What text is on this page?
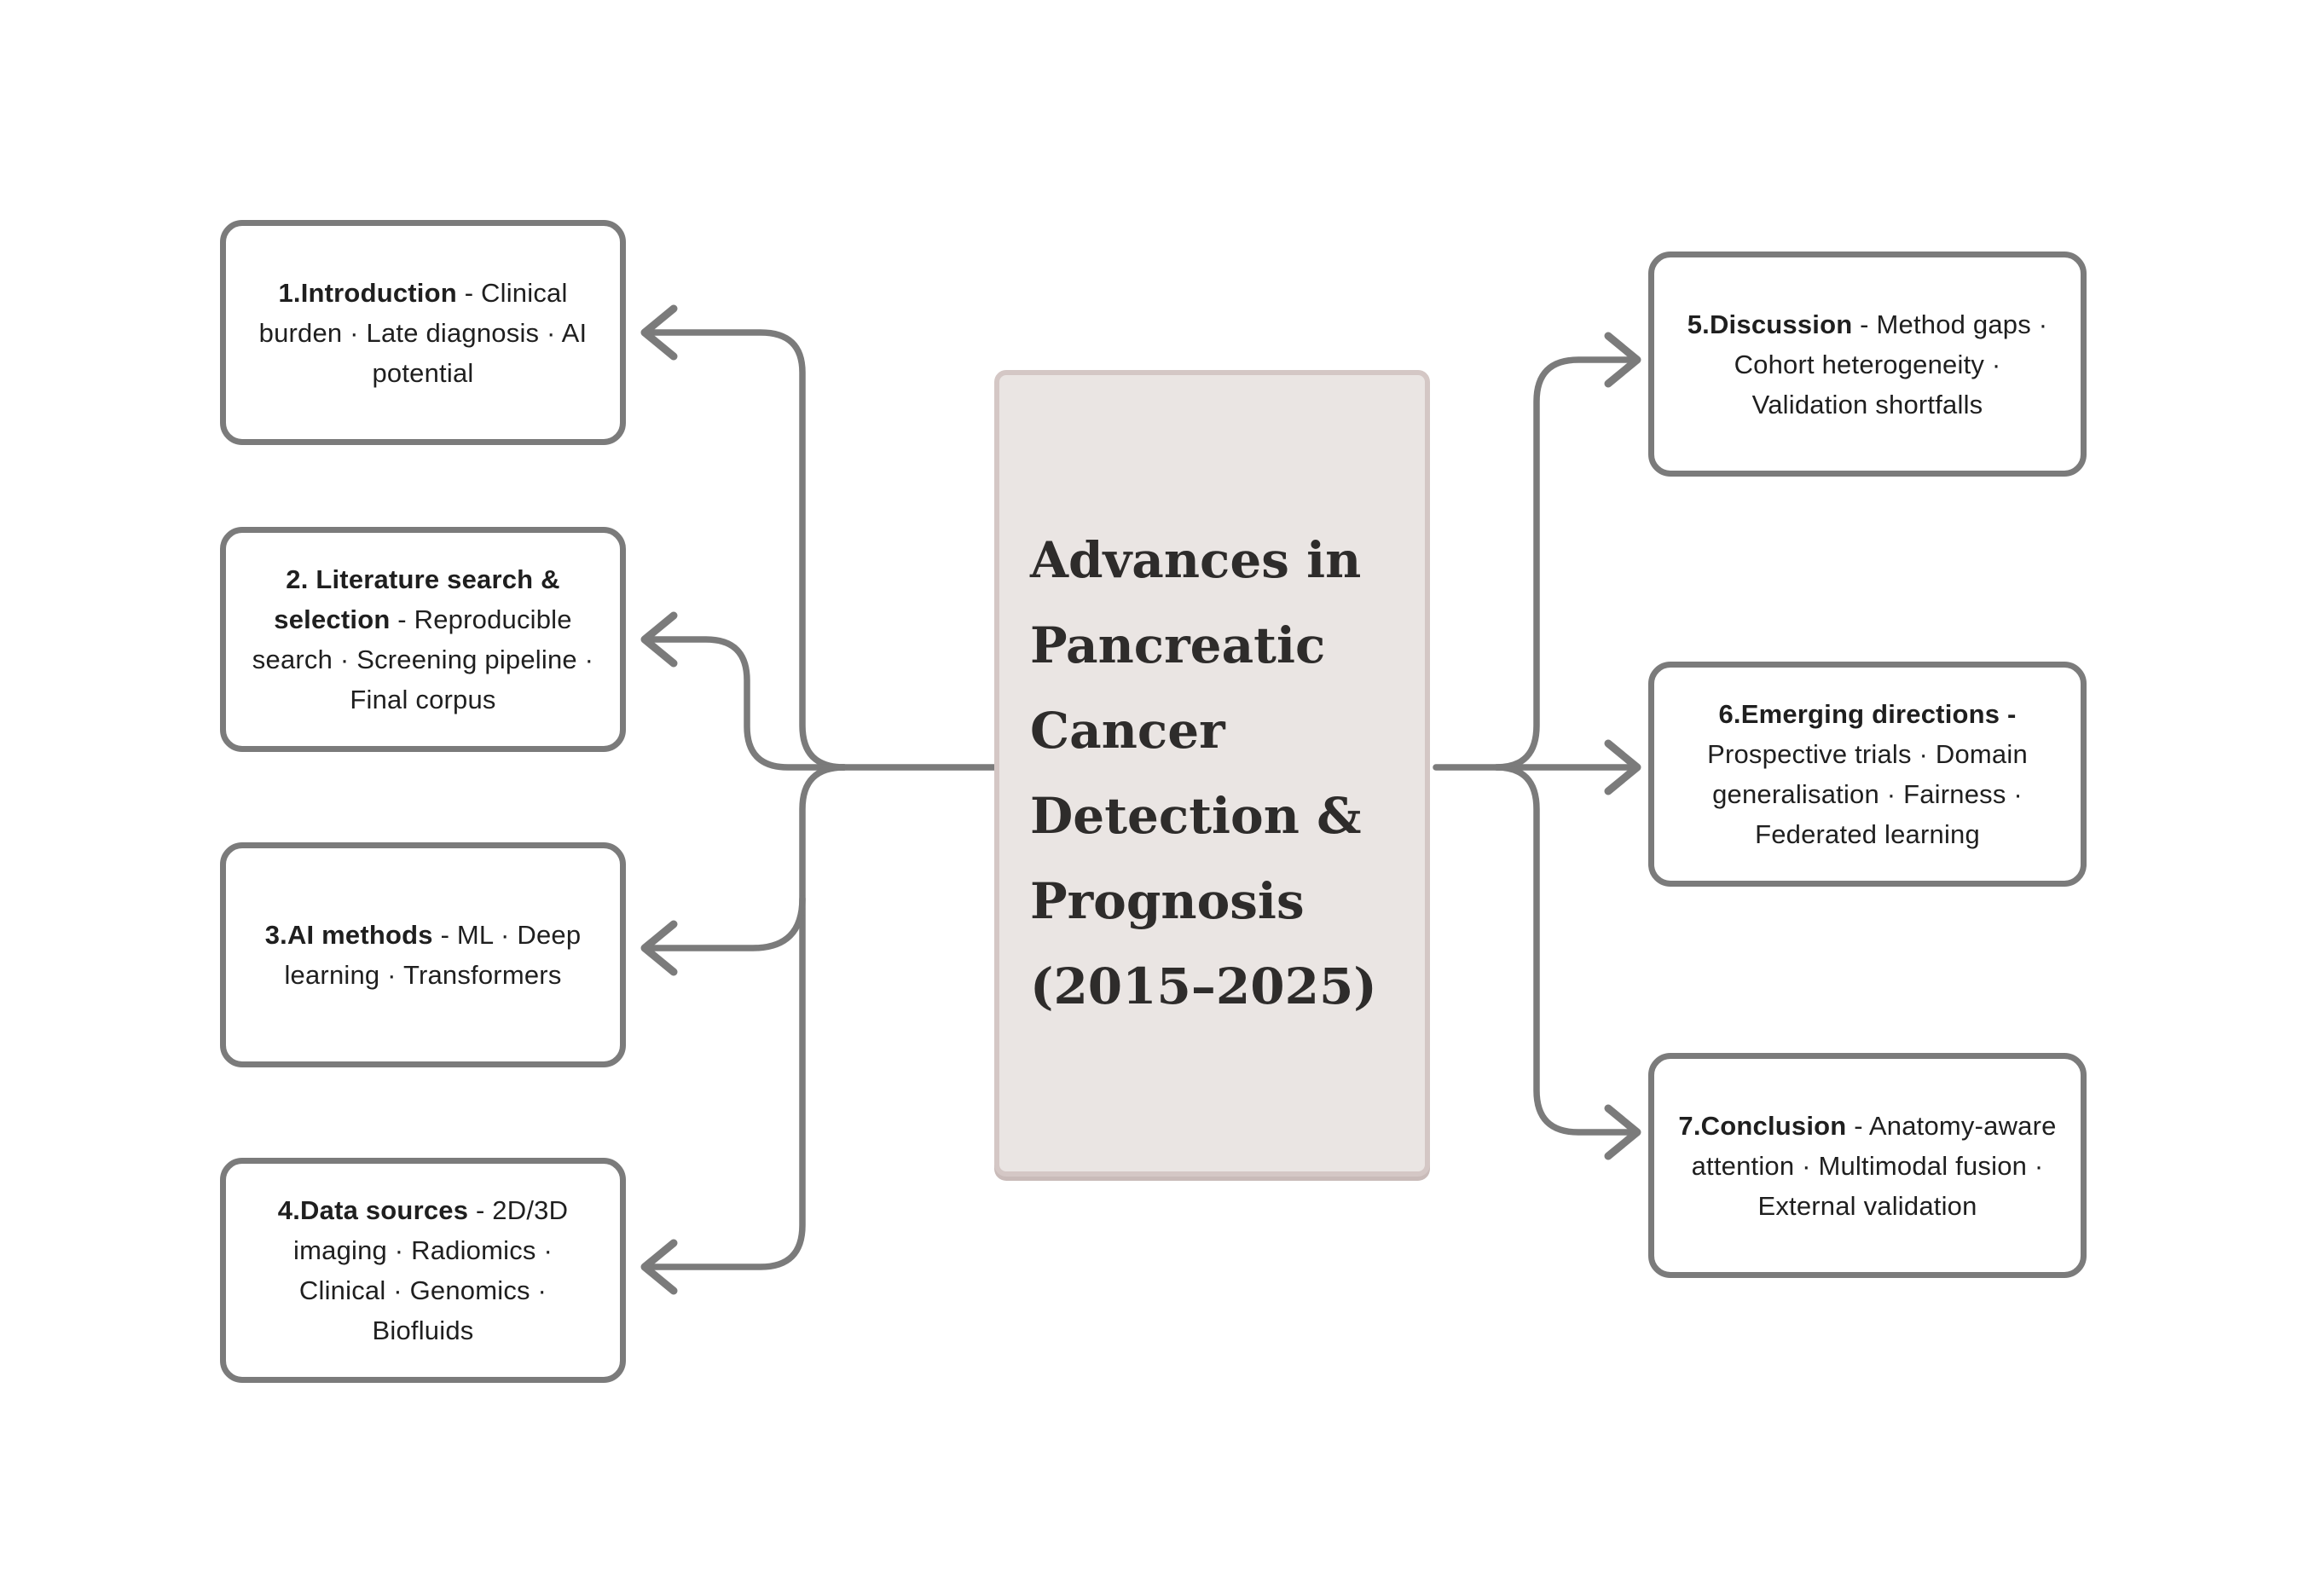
Advances in
Pancreatic
Cancer
Detection &
Prognosis
(2015–2025)
1.Introduction - Clinical burden · Late diagnosis · AI potential
2. Literature search & selection - Reproducible search · Screening pipeline · Final corpus
3.AI methods - ML · Deep learning · Transformers
4.Data sources - 2D/3D imaging · Radiomics · Clinical · Genomics · Biofluids
5.Discussion - Method gaps · Cohort heterogeneity · Validation shortfalls
6.Emerging directions - Prospective trials · Domain generalisation · Fairness · Federated learning
7.Conclusion - Anatomy-aware attention · Multimodal fusion · External validation
